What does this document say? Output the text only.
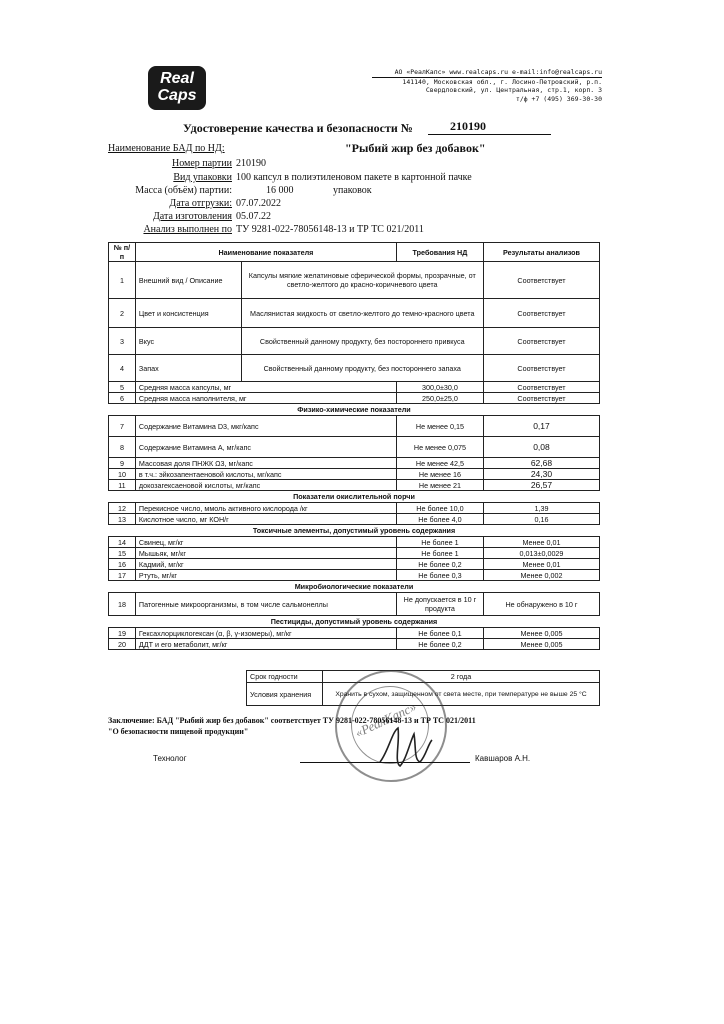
Real
Caps
АО «РеалКапс» www.realcaps.ru e-mail:info@realcaps.ru
141140, Московская обл., г. Лосино-Петровский, р.п.
Свердловский, ул. Центральная, стр.1, корп. 3
т/ф +7 (495) 369-30-30
Удостоверение качества и безопасности №	210190
Наименование БАД по НД:	"Рыбий жир без добавок"
Номер партии 210190
Вид упаковки 100 капсул в полиэтиленовом пакете в картонной пачке
Масса (объём) партии:	16 000	упаковок
Дата отгрузки: 07.07.2022
Дата изготовления 05.07.22
Анализ выполнен по ТУ 9281-022-78056148-13 и ТР ТС 021/2011
№ п/п	Наименование показателя		Требования НД	Результаты анализов
1	Внешний вид / Описание	Капсулы мягкие желатиновые сферической формы, прозрачные, от светло-желтого до красно-коричневого цвета		Соответствует
2	Цвет и консистенция	Маслянистая жидкость от светло-желтого до темно-красного цвета		Соответствует
3	Вкус	Свойственный данному продукту, без постороннего привкуса		Соответствует
4	Запах	Свойственный данному продукту, без постороннего запаха		Соответствует
5	Средняя масса капсулы, мг		300,0±30,0	Соответствует
6	Средняя масса наполнителя, мг		250,0±25,0	Соответствует
Физико-химические показатели				
7	Содержание Витамина D3, мкг/капс		Не менее 0,15	0,17
8	Содержание Витамина А, мг/капс		Не менее 0,075	0,08
9	Массовая доля ПНЖК Ω3, мг/капс		Не менее 42,5	62,68
10	в т.ч.: эйкозапентаеновой кислоты, мг/капс		Не менее 16	24,30
11	докозагексаеновой кислоты, мг/капс		Не менее 21	26,57
Показатели окислительной порчи				
12	Перекисное число, ммоль активного кислорода /кг		Не более 10,0	1,39
13	Кислотное число, мг КОН/г		Не более 4,0	0,16
Токсичные элементы, допустимый уровень содержания				
14	Свинец, мг/кг		Не более 1	Менее 0,01
15	Мышьяк, мг/кг		Не более 1	0,013±0,0029
16	Кадмий, мг/кг		Не более 0,2	Менее 0,01
17	Ртуть, мг/кг		Не более 0,3	Менее 0,002
Микробиологические показатели				
18	Патогенные микроорганизмы, в том числе сальмонеллы		Не допускается в 10 г продукта	Не обнаружено в 10 г
Пестициды, допустимый уровень содержания				
19	Гексахлорциклогексан (α, β, γ-изомеры), мг/кг		Не более 0,1	Менее 0,005
20	ДДТ и его метаболит, мг/кг		Не более 0,2	Менее 0,005
Срок годности	2 года
Условия хранения	Хранить в сухом, защищенном от света месте, при температуре не выше 25 °С
«РеалКапс»
Заключение: БАД "Рыбий жир без добавок" соответствует ТУ 9281-022-78056148-13 и ТР ТС 021/2011
"О безопасности пищевой продукции"
Технолог	Кавшаров А.Н.
